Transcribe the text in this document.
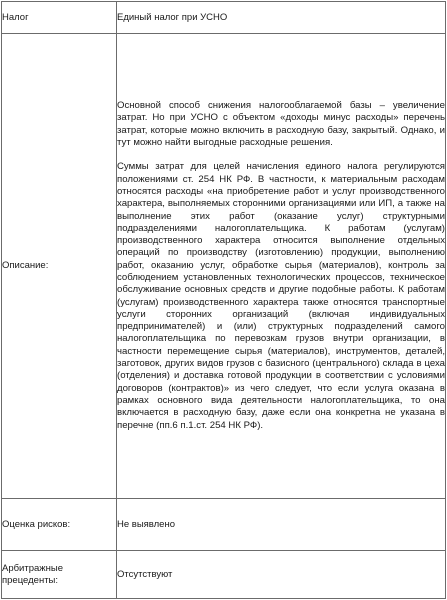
Налог	Единый налог при УСНО
Описание:	Основной способ снижения налогооблагаемой базы – увеличение затрат. Но при УСНО с объектом «доходы минус расходы» перечень затрат, которые можно включить в расходную базу, закрытый. Однако, и тут можно найти выгодные расходные решения.

Суммы затрат для целей начисления единого налога регулируются положениями ст. 254 НК РФ. В частности, к материальным расходам относятся расходы «на приобретение работ и услуг производственного характера, выполняемых сторонними организациями или ИП, а также на выполнение этих работ (оказание услуг) структурными подразделениями налогоплательщика. К работам (услугам) производственного характера относится выполнение отдельных операций по производству (изготовлению) продукции, выполнению работ, оказанию услуг, обработке сырья (материалов), контроль за соблюдением установленных технологических процессов, техническое обслуживание основных средств и другие подобные работы. К работам (услугам) производственного характера также относятся транспортные услуги сторонних организаций (включая индивидуальных предпринимателей) и (или) структурных подразделений самого налогоплательщика по перевозкам грузов внутри организации, в частности перемещение сырья (материалов), инструментов, деталей, заготовок, других видов грузов с базисного (центрального) склада в цеха (отделения) и доставка готовой продукции в соответствии с условиями договоров (контрактов)» из чего следует, что если услуга оказана в рамках основного вида деятельности налогоплательщика, то она включается в расходную базу, даже если она конкретна не указана в перечне (пп.6 п.1.ст. 254 НК РФ).

Оценка рисков:	Не выявлено
Арбитражные прецеденты:	Отсутствуют
